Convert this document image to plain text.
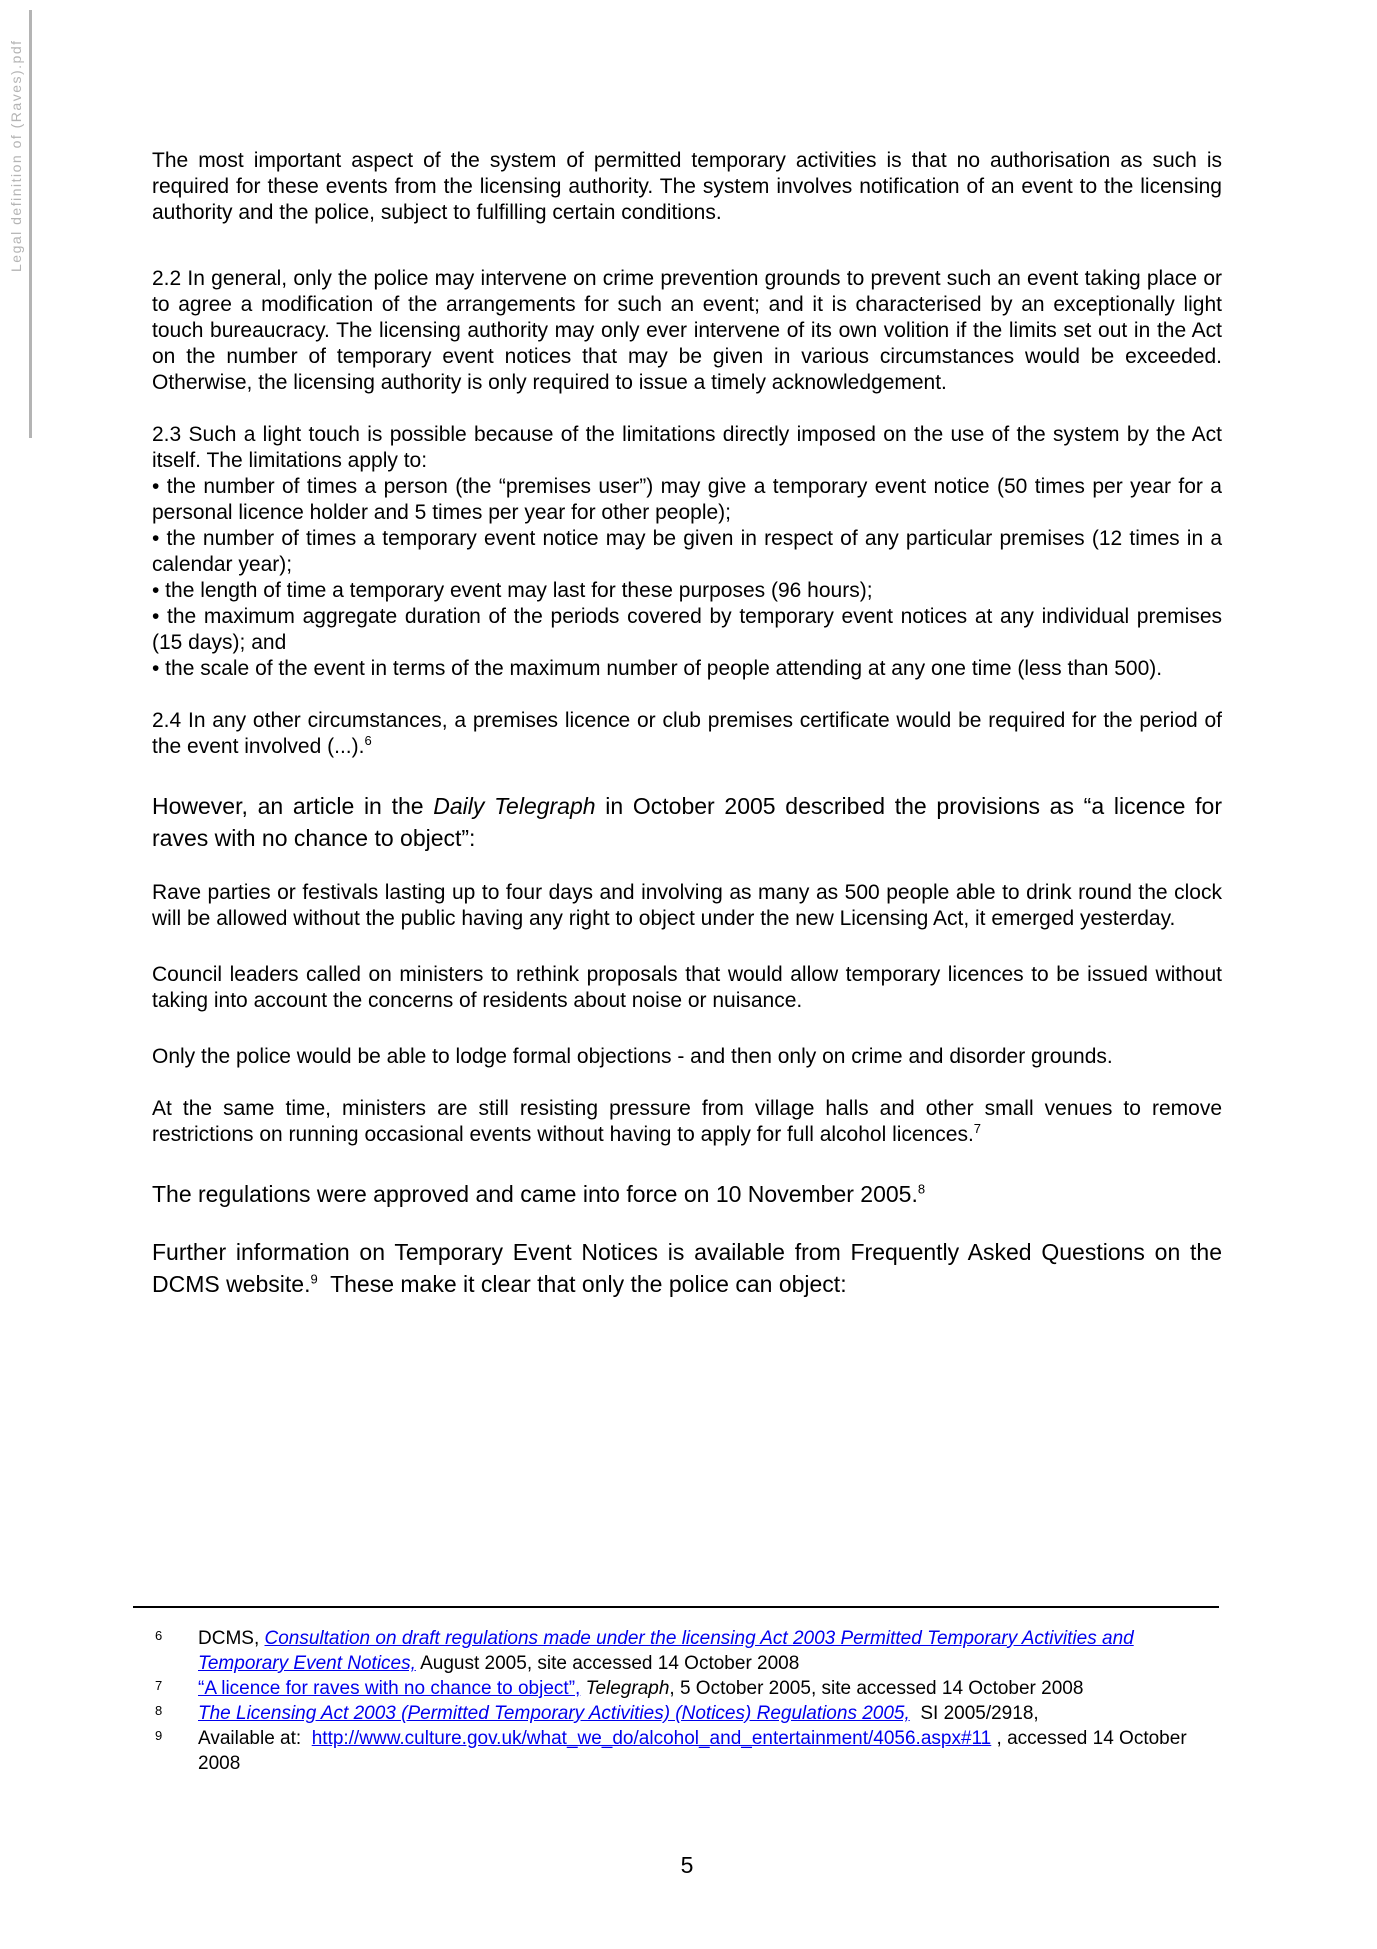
Legal definition of (Raves).pdf	The most important aspect of the system of permitted temporary activities is that no authorisation as such is required for these events from the licensing authority. The system involves notification of an event to the licensing authority and the police, subject to fulfilling certain conditions.

2.2 In general, only the police may intervene on crime prevention grounds to prevent such an event taking place or to agree a modification of the arrangements for such an event; and it is characterised by an exceptionally light touch bureaucracy. The licensing authority may only ever intervene of its own volition if the limits set out in the Act on the number of temporary event notices that may be given in various circumstances would be exceeded. Otherwise, the licensing authority is only required to issue a timely acknowledgement.

2.3 Such a light touch is possible because of the limitations directly imposed on the use of the system by the Act itself. The limitations apply to:

• the number of times a person (the “premises user”) may give a temporary event notice (50 times per year for a personal licence holder and 5 times per year for other people);

• the number of times a temporary event notice may be given in respect of any particular premises (12 times in a calendar year);

• the length of time a temporary event may last for these purposes (96 hours);

• the maximum aggregate duration of the periods covered by temporary event notices at any individual premises (15 days); and

• the scale of the event in terms of the maximum number of people attending at any one time (less than 500).

2.4 In any other circumstances, a premises licence or club premises certificate would be required for the period of the event involved (...).$^6$

However, an article in the Daily Telegraph in October 2005 described the provisions as “a licence for raves with no chance to object”:

Rave parties or festivals lasting up to four days and involving as many as 500 people able to drink round the clock will be allowed without the public having any right to object under the new Licensing Act, it emerged yesterday.

Council leaders called on ministers to rethink proposals that would allow temporary licences to be issued without taking into account the concerns of residents about noise or nuisance.

Only the police would be able to lodge formal objections - and then only on crime and disorder grounds.

At the same time, ministers are still resisting pressure from village halls and other small venues to remove restrictions on running occasional events without having to apply for full alcohol licences.$^7$

The regulations were approved and came into force on 10 November 2005.$^8$

Further information on Temporary Event Notices is available from Frequently Asked Questions on the DCMS website.$^9$  These make it clear that only the police can object:

6 DCMS, Consultation on draft regulations made under the licensing Act 2003 Permitted Temporary Activities and Temporary Event Notices, August 2005, site accessed 14 October 2008

7 “A licence for raves with no chance to object”, Telegraph, 5 October 2005, site accessed 14 October 2008

8 The Licensing Act 2003 (Permitted Temporary Activities) (Notices) Regulations 2005,  SI 2005/2918,

9 Available at:  http://www.culture.gov.uk/what_we_do/alcohol_and_entertainment/4056.aspx#11 , accessed 14 October 2008

5
